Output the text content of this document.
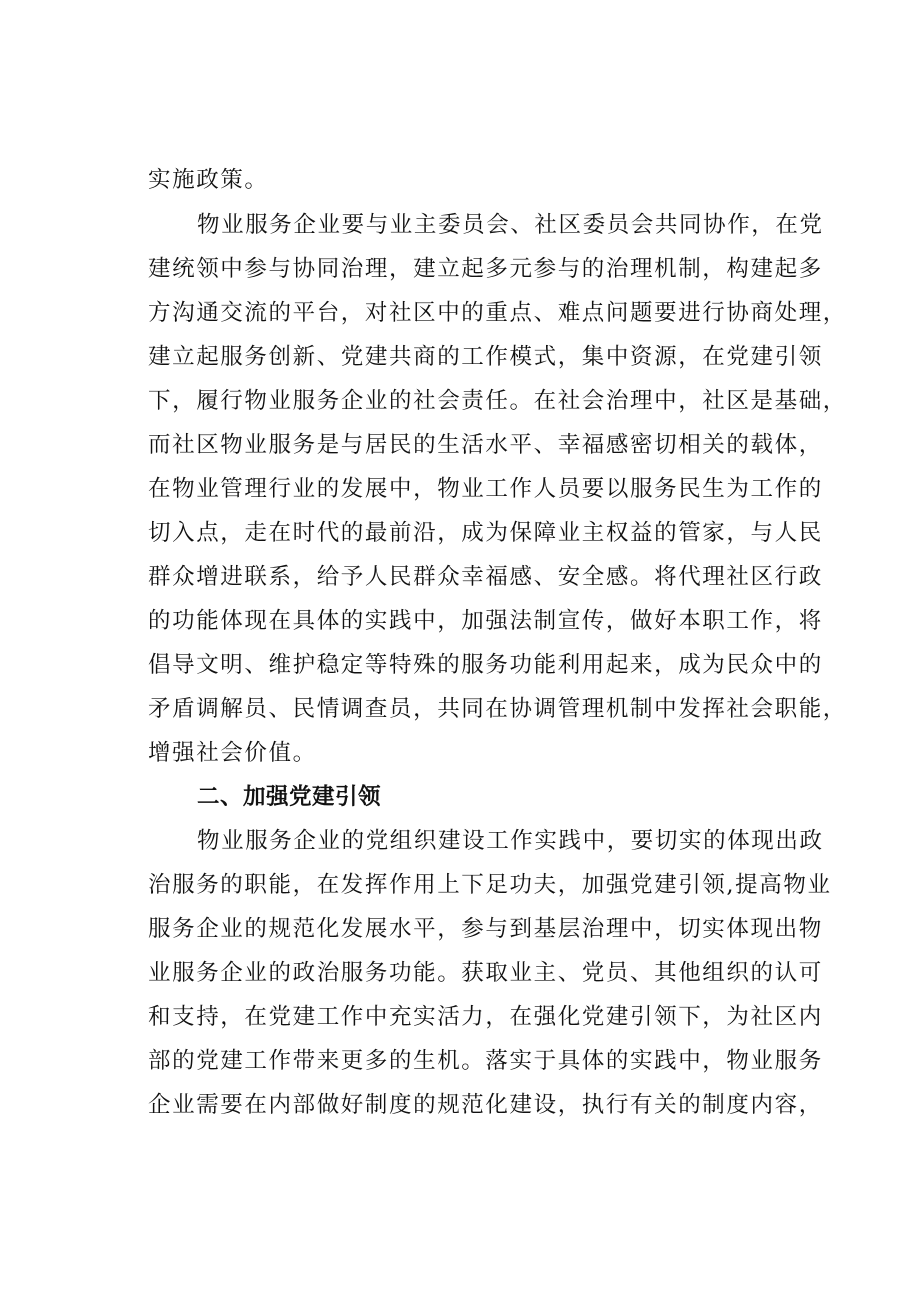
实施政策。
物业服务企业要与业主委员会、社区委员会共同协作，在党
建统领中参与协同治理，建立起多元参与的治理机制，构建起多
方沟通交流的平台，对社区中的重点、难点问题要进行协商处理，
建立起服务创新、党建共商的工作模式，集中资源，在党建引领
下，履行物业服务企业的社会责任。在社会治理中，社区是基础，
而社区物业服务是与居民的生活水平、幸福感密切相关的载体，
在物业管理行业的发展中，物业工作人员要以服务民生为工作的
切入点，走在时代的最前沿，成为保障业主权益的管家，与人民
群众增进联系，给予人民群众幸福感、安全感。将代理社区行政
的功能体现在具体的实践中，加强法制宣传，做好本职工作，将
倡导文明、维护稳定等特殊的服务功能利用起来，成为民众中的
矛盾调解员、民情调查员，共同在协调管理机制中发挥社会职能，
增强社会价值。
二、加强党建引领
物业服务企业的党组织建设工作实践中，要切实的体现出政
治服务的职能，在发挥作用上下足功夫，加强党建引领,提高物业
服务企业的规范化发展水平，参与到基层治理中，切实体现出物
业服务企业的政治服务功能。获取业主、党员、其他组织的认可
和支持，在党建工作中充实活力，在强化党建引领下，为社区内
部的党建工作带来更多的生机。落实于具体的实践中，物业服务
企业需要在内部做好制度的规范化建设，执行有关的制度内容，
